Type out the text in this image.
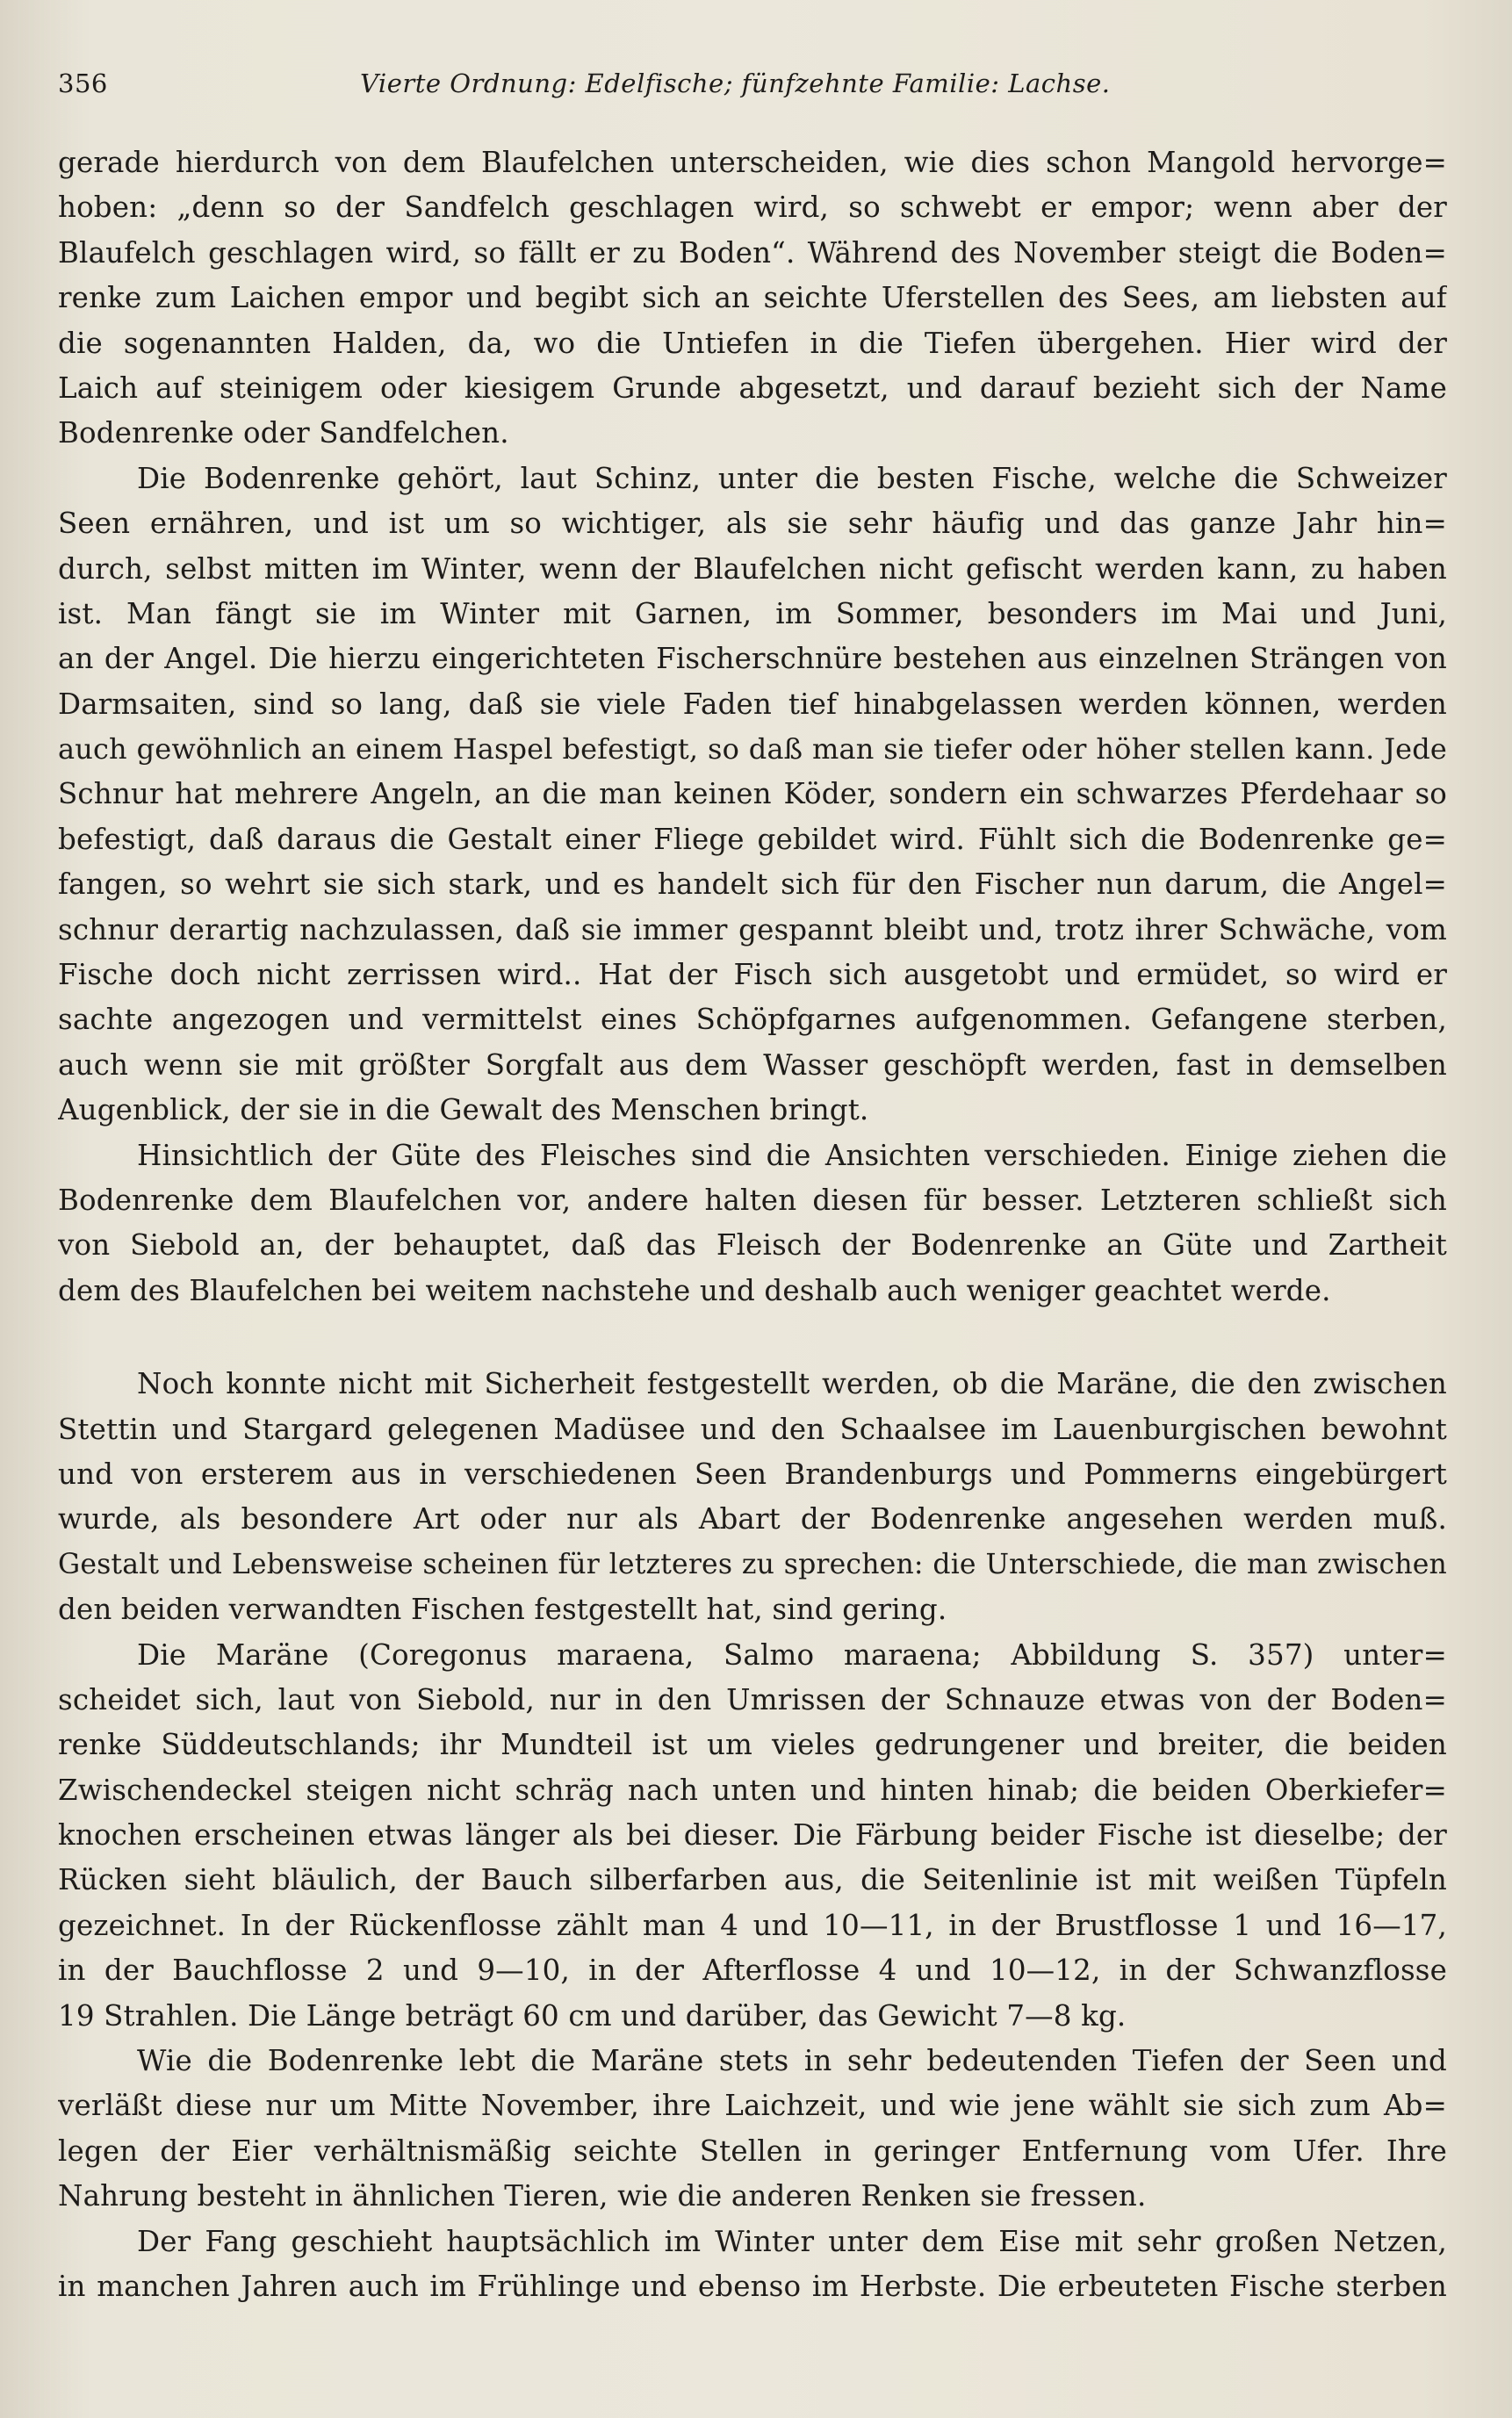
356	Vierte Ordnung: Edelfische; fünfzehnte Familie: Lachse.

gerade hierdurch von dem Blaufelchen unterscheiden, wie dies schon Mangold hervorge=

hoben: „denn so der Sandfelch geschlagen wird, so schwebt er empor; wenn aber der

Blaufelch geschlagen wird, so fällt er zu Boden“. Während des November steigt die Boden=

renke zum Laichen empor und begibt sich an seichte Uferstellen des Sees, am liebsten auf

die sogenannten Halden, da, wo die Untiefen in die Tiefen übergehen. Hier wird der

Laich auf steinigem oder kiesigem Grunde abgesetzt, und darauf bezieht sich der Name

Bodenrenke oder Sandfelchen.

Die Bodenrenke gehört, laut Schinz, unter die besten Fische, welche die Schweizer

Seen ernähren, und ist um so wichtiger, als sie sehr häufig und das ganze Jahr hin=

durch, selbst mitten im Winter, wenn der Blaufelchen nicht gefischt werden kann, zu haben

ist. Man fängt sie im Winter mit Garnen, im Sommer, besonders im Mai und Juni,

an der Angel. Die hierzu eingerichteten Fischerschnüre bestehen aus einzelnen Strängen von

Darmsaiten, sind so lang, daß sie viele Faden tief hinabgelassen werden können, werden

auch gewöhnlich an einem Haspel befestigt, so daß man sie tiefer oder höher stellen kann. Jede

Schnur hat mehrere Angeln, an die man keinen Köder, sondern ein schwarzes Pferdehaar so

befestigt, daß daraus die Gestalt einer Fliege gebildet wird. Fühlt sich die Bodenrenke ge=

fangen, so wehrt sie sich stark, und es handelt sich für den Fischer nun darum, die Angel=

schnur derartig nachzulassen, daß sie immer gespannt bleibt und, trotz ihrer Schwäche, vom

Fische doch nicht zerrissen wird.. Hat der Fisch sich ausgetobt und ermüdet, so wird er

sachte angezogen und vermittelst eines Schöpfgarnes aufgenommen. Gefangene sterben,

auch wenn sie mit größter Sorgfalt aus dem Wasser geschöpft werden, fast in demselben

Augenblick, der sie in die Gewalt des Menschen bringt.

Hinsichtlich der Güte des Fleisches sind die Ansichten verschieden. Einige ziehen die

Bodenrenke dem Blaufelchen vor, andere halten diesen für besser. Letzteren schließt sich

von Siebold an, der behauptet, daß das Fleisch der Bodenrenke an Güte und Zartheit

dem des Blaufelchen bei weitem nachstehe und deshalb auch weniger geachtet werde.

Noch konnte nicht mit Sicherheit festgestellt werden, ob die Maräne, die den zwischen

Stettin und Stargard gelegenen Madüsee und den Schaalsee im Lauenburgischen bewohnt

und von ersterem aus in verschiedenen Seen Brandenburgs und Pommerns eingebürgert

wurde, als besondere Art oder nur als Abart der Bodenrenke angesehen werden muß.

Gestalt und Lebensweise scheinen für letzteres zu sprechen: die Unterschiede, die man zwischen

den beiden verwandten Fischen festgestellt hat, sind gering.

Die Maräne (Coregonus maraena, Salmo maraena; Abbildung S. 357) unter=

scheidet sich, laut von Siebold, nur in den Umrissen der Schnauze etwas von der Boden=

renke Süddeutschlands; ihr Mundteil ist um vieles gedrungener und breiter, die beiden

Zwischendeckel steigen nicht schräg nach unten und hinten hinab; die beiden Oberkiefer=

knochen erscheinen etwas länger als bei dieser. Die Färbung beider Fische ist dieselbe; der

Rücken sieht bläulich, der Bauch silberfarben aus, die Seitenlinie ist mit weißen Tüpfeln

gezeichnet. In der Rückenflosse zählt man 4 und 10—11, in der Brustflosse 1 und 16—17,

in der Bauchflosse 2 und 9—10, in der Afterflosse 4 und 10—12, in der Schwanzflosse

19 Strahlen. Die Länge beträgt 60 cm und darüber, das Gewicht 7—8 kg.

Wie die Bodenrenke lebt die Maräne stets in sehr bedeutenden Tiefen der Seen und

verläßt diese nur um Mitte November, ihre Laichzeit, und wie jene wählt sie sich zum Ab=

legen der Eier verhältnismäßig seichte Stellen in geringer Entfernung vom Ufer. Ihre

Nahrung besteht in ähnlichen Tieren, wie die anderen Renken sie fressen.

Der Fang geschieht hauptsächlich im Winter unter dem Eise mit sehr großen Netzen,

in manchen Jahren auch im Frühlinge und ebenso im Herbste. Die erbeuteten Fische sterben
